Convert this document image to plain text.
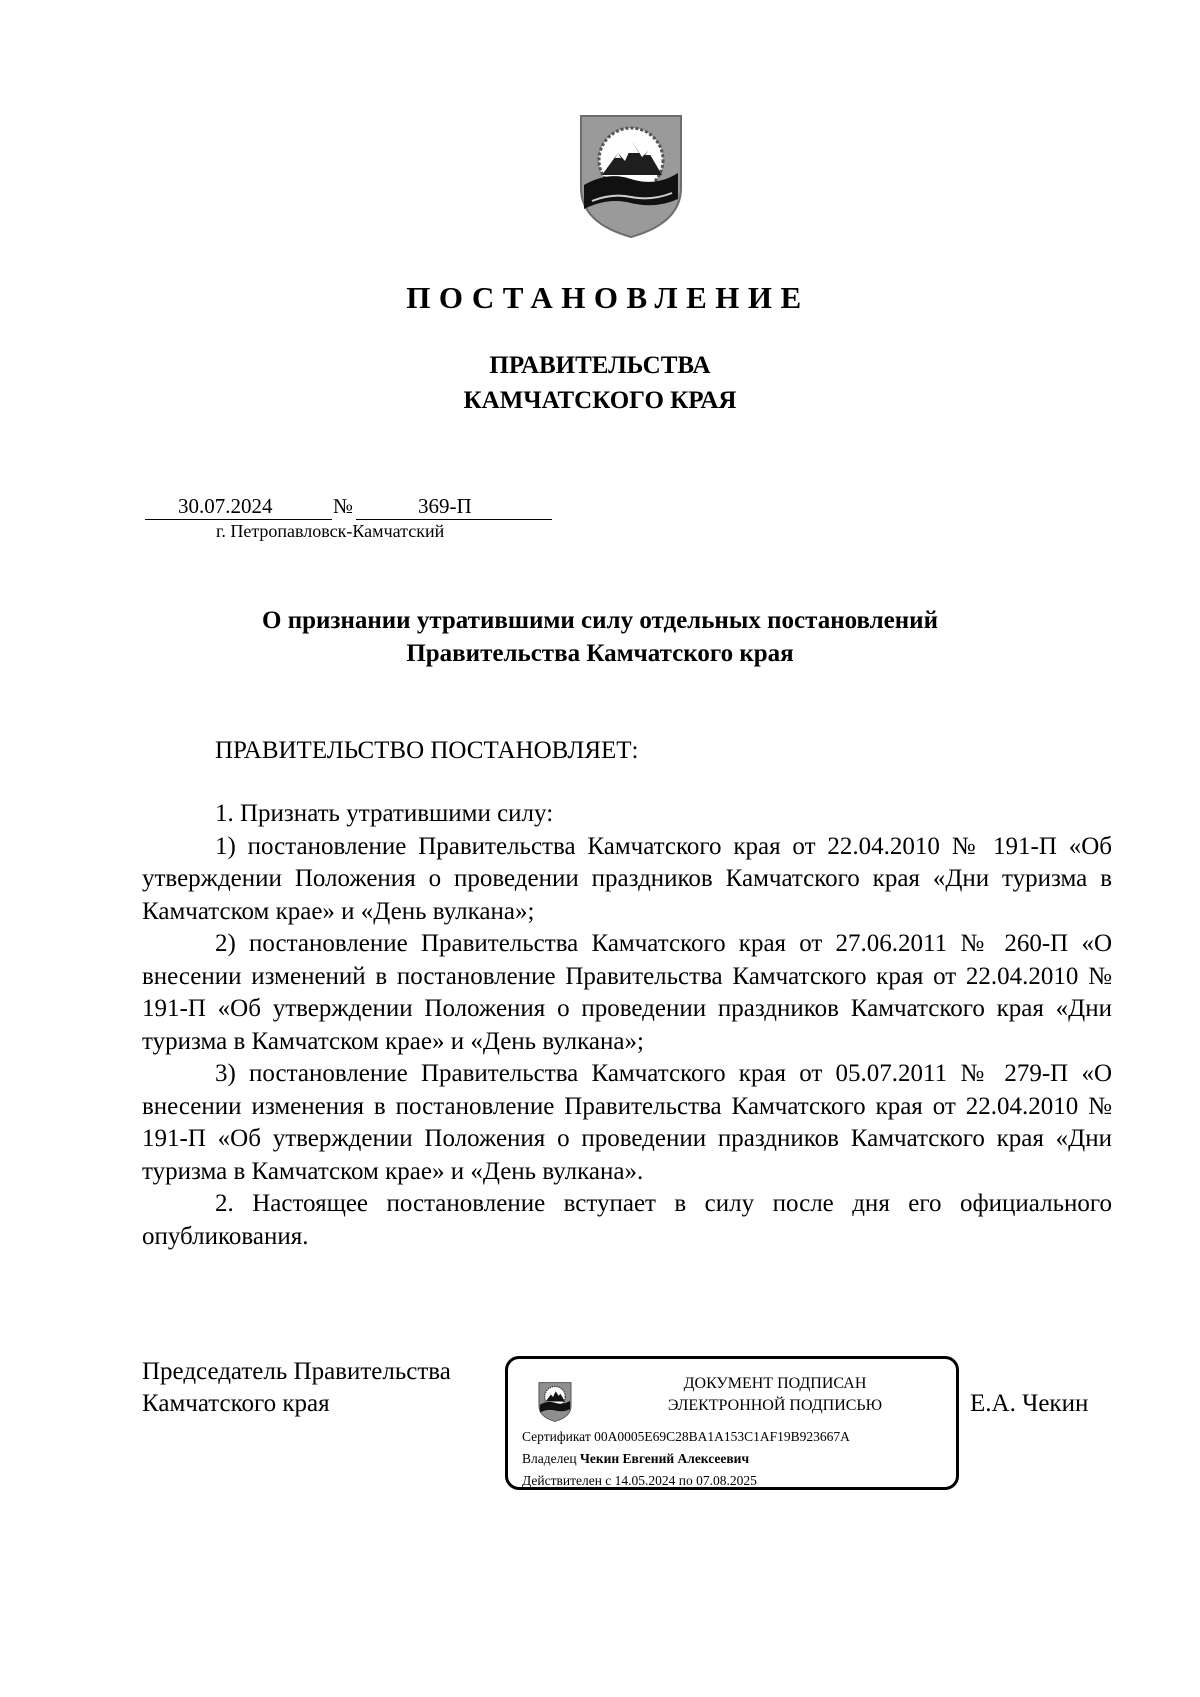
ПОСТАНОВЛЕНИЕ
ПРАВИТЕЛЬСТВА
КАМЧАТСКОГО КРАЯ
30.07.2024	№	369-П
г. Петропавловск-Камчатский
О признании утратившими силу отдельных постановлений
Правительства Камчатского края
ПРАВИТЕЛЬСТВО ПОСТАНОВЛЯЕТ:

1. Признать утратившими силу:

1) постановление Правительства Камчатского края от 22.04.2010 № 191-П «Об утверждении Положения о проведении праздников Камчатского края «Дни туризма в Камчатском крае» и «День вулкана»;

2) постановление Правительства Камчатского края от 27.06.2011 № 260-П «О внесении изменений в постановление Правительства Камчатского края от 22.04.2010 № 191-П «Об утверждении Положения о проведении праздников Камчатского края «Дни туризма в Камчатском крае» и «День вулкана»;

3) постановление Правительства Камчатского края от 05.07.2011 № 279-П «О внесении изменения в постановление Правительства Камчатского края от 22.04.2010 № 191-П «Об утверждении Положения о проведении праздников Камчатского края «Дни туризма в Камчатском крае» и «День вулкана».

2. Настоящее постановление вступает в силу после дня его официального опубликования.

Председатель Правительства
Камчатского края	Е.А. Чекин
ДОКУМЕНТ ПОДПИСАН
ЭЛЕКТРОННОЙ ПОДПИСЬЮ
Сертификат 00A0005E69C28BA1A153C1AF19B923667A
Владелец Чекин Евгений Алексеевич
Действителен с 14.05.2024 по 07.08.2025
